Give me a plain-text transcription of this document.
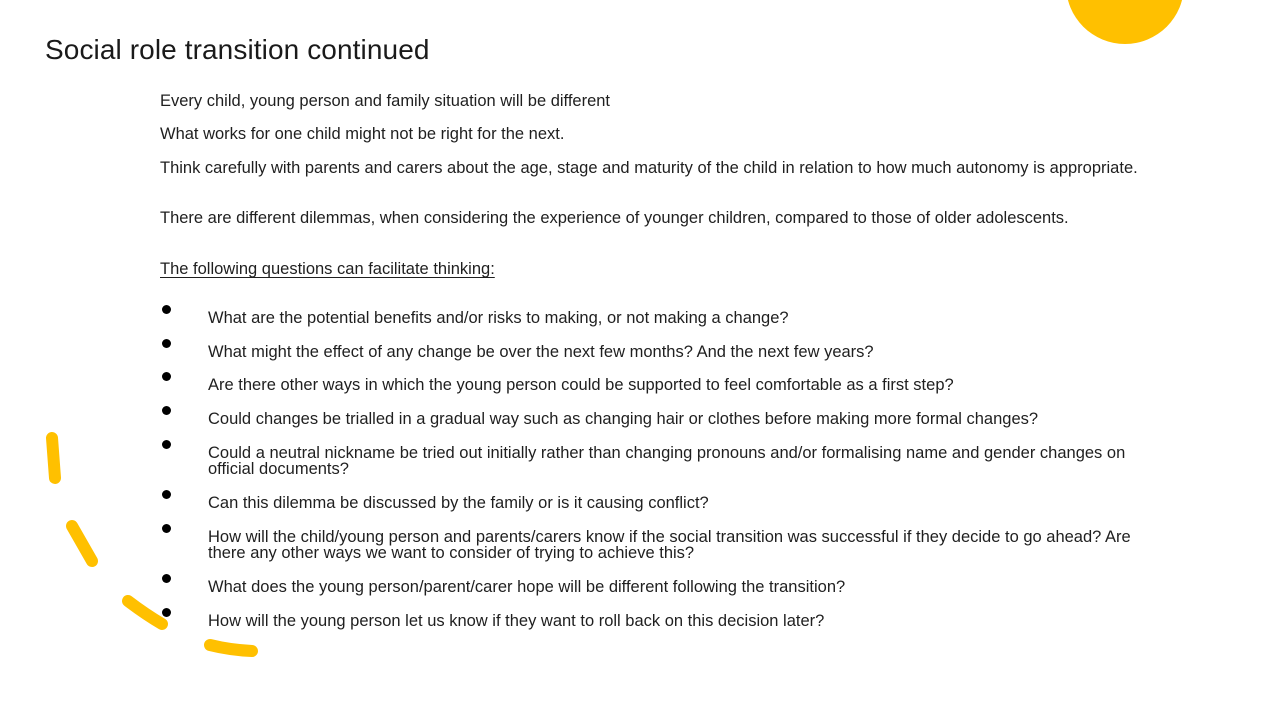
Social role transition continued

Every child, young person and family situation will be different

What works for one child might not be right for the next.

Think carefully with parents and carers about the age, stage and maturity of the child in relation to how much autonomy is appropriate.

There are different dilemmas, when considering the experience of younger children, compared to those of older adolescents.

The following questions can facilitate thinking:

What are the potential benefits and/or risks to making, or not making a change?
What might the effect of any change be over the next few months? And the next few years?
Are there other ways in which the young person could be supported to feel comfortable as a first step?
Could changes be trialled in a gradual way such as changing hair or clothes before making more formal changes?
Could a neutral nickname be tried out initially rather than changing pronouns and/or formalising name and gender changes on official documents?
Can this dilemma be discussed by the family or is it causing conflict?
How will the child/young person and parents/carers know if the social transition was successful if they decide to go ahead? Are there any other ways we want to consider of trying to achieve this?
What does the young person/parent/carer hope will be different following the transition?
How will the young person let us know if they want to roll back on this decision later?
